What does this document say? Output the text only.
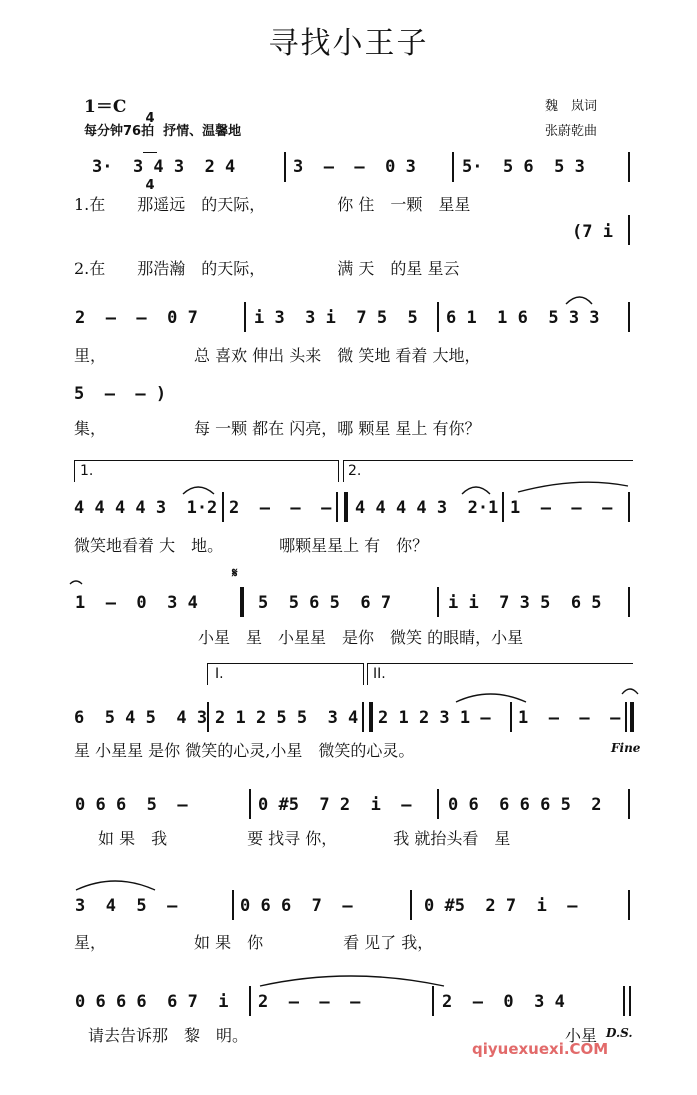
寻找小王子
1＝C

4

4

每分钟76拍  抒情、温馨地
魏　岚词
张蔚乾曲
3·  3 4 3  2 4	3  –  –  0 3	5·  5 6  5 3
1.在　　那遥远　的天际，　　　　　你 住　一颗　星星
(7 i
2.在　　那浩瀚　的天际，　　　　　满 天　的星 星云
2  –  –  0 7	i 3  3 i  7 5  5 6 1  1 6  5 3 3
里，　　　　　　总 喜欢 伸出 头来　微 笑地 看着 大地，
5  –  – )
集，　　　　　　每 一颗 都在 闪亮，哪 颗星 星上 有你？
1.	2.
4 4 4 4 3  1·2 2  –  –  – 4 4 4 4 3  2·1 1  –  –  –
微笑地看着 大　地。　　　　哪颗星星上 有　你？
𝄋
1  –  0  3 4	5  5 6 5  6 7	i i  7 3 5  6 5
小星　星　小星星　是你　微笑 的眼睛，小星
I.	II.
6  5 4 5  4 3 2 1 2 5 5  3 4 2 1 2 3 1 – 1  –  –  –
星 小星星 是你 微笑的心灵,小星　微笑的心灵。	Fine
0 6 6  5  –	0 #5  7 2  i  – 0 6  6 6 6 5  2
如 果　我　　　　　要 找寻 你，　　　　我 就抬头看　星
3  4  5  –	0 6 6  7  –	0 #5  2 7  i  –
星，　　　　　　如 果　你　　　　　看 见了 我，
0 6 6 6  6 7  i 2  –  –  –	2  –  0  3 4
请去告诉那　黎　明。	小星 D.S.
qiyuexuexi.COM
